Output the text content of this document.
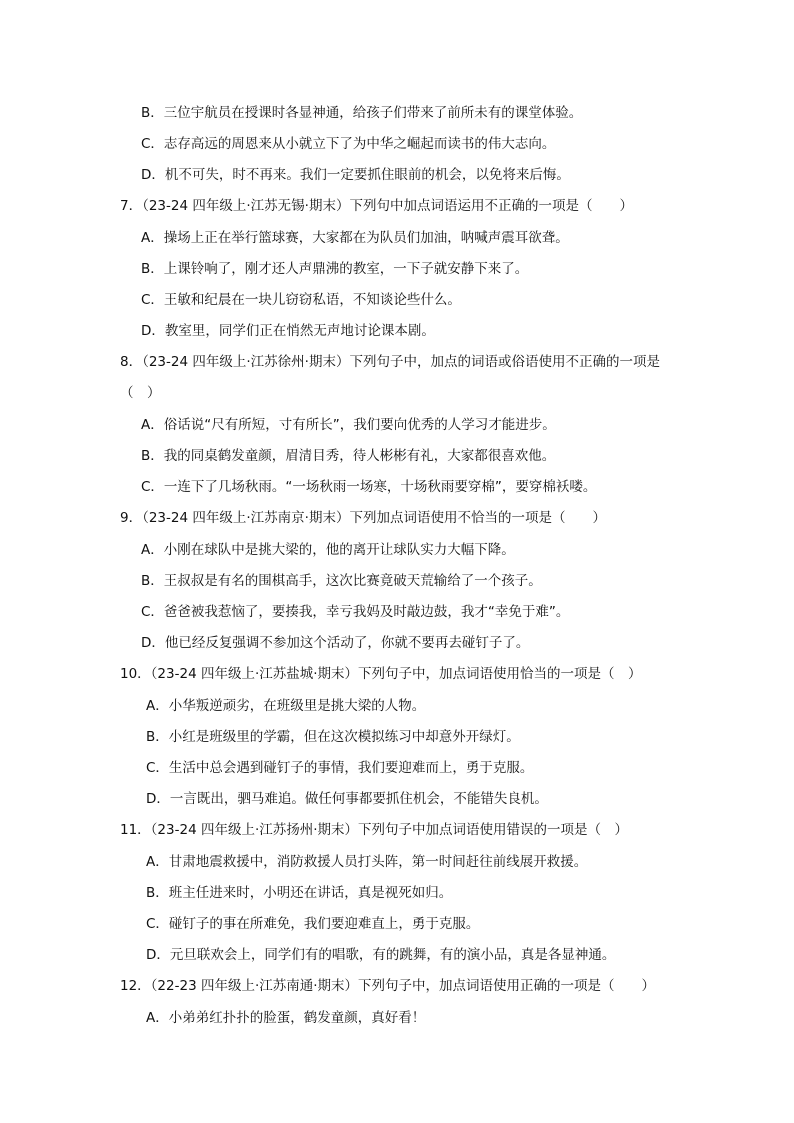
B．三位宇航员在授课时各显神通，给孩子们带来了前所未有的课堂体验。
C．志存高远的周恩来从小就立下了为中华之崛起而读书的伟大志向。
D．机不可失，时不再来。我们一定要抓住眼前的机会，以免将来后悔。
7．（23-24 四年级上·江苏无锡·期末）下列句中加点词语运用不正确的一项是（　　）
A．操场上正在举行篮球赛，大家都在为队员们加油，呐喊声震耳欲聋。
B．上课铃响了，刚才还人声鼎沸的教室，一下子就安静下来了。
C．王敏和纪晨在一块儿窃窃私语，不知谈论些什么。
D．教室里，同学们正在悄然无声地讨论课本剧。
8．（23-24 四年级上·江苏徐州·期末）下列句子中，加点的词语或俗语使用不正确的一项是
（　）
A．俗话说“尺有所短，寸有所长”，我们要向优秀的人学习才能进步。
B．我的同桌鹤发童颜，眉清目秀，待人彬彬有礼，大家都很喜欢他。
C．一连下了几场秋雨。“一场秋雨一场寒，十场秋雨要穿棉”，要穿棉袄喽。
9．（23-24 四年级上·江苏南京·期末）下列加点词语使用不恰当的一项是（　　）
A．小刚在球队中是挑大梁的，他的离开让球队实力大幅下降。
B．王叔叔是有名的围棋高手，这次比赛竟破天荒输给了一个孩子。
C．爸爸被我惹恼了，要揍我，幸亏我妈及时敲边鼓，我才“幸免于难”。
D．他已经反复强调不参加这个活动了，你就不要再去碰钉子了。
10．（23-24 四年级上·江苏盐城·期末）下列句子中，加点词语使用恰当的一项是（　）
A．小华叛逆顽劣，在班级里是挑大梁的人物。
B．小红是班级里的学霸，但在这次模拟练习中却意外开绿灯。
C．生活中总会遇到碰钉子的事情，我们要迎难而上，勇于克服。
D．一言既出，驷马难追。做任何事都要抓住机会，不能错失良机。
11．（23-24 四年级上·江苏扬州·期末）下列句子中加点词语使用错误的一项是（　）
A．甘肃地震救援中，消防救援人员打头阵，第一时间赶往前线展开救援。
B．班主任进来时，小明还在讲话，真是视死如归。
C．碰钉子的事在所难免，我们要迎难直上，勇于克服。
D．元旦联欢会上，同学们有的唱歌，有的跳舞，有的演小品，真是各显神通。
12．（22-23 四年级上·江苏南通·期末）下列句子中，加点词语使用正确的一项是（　　）
A．小弟弟红扑扑的脸蛋，鹤发童颜，真好看！
